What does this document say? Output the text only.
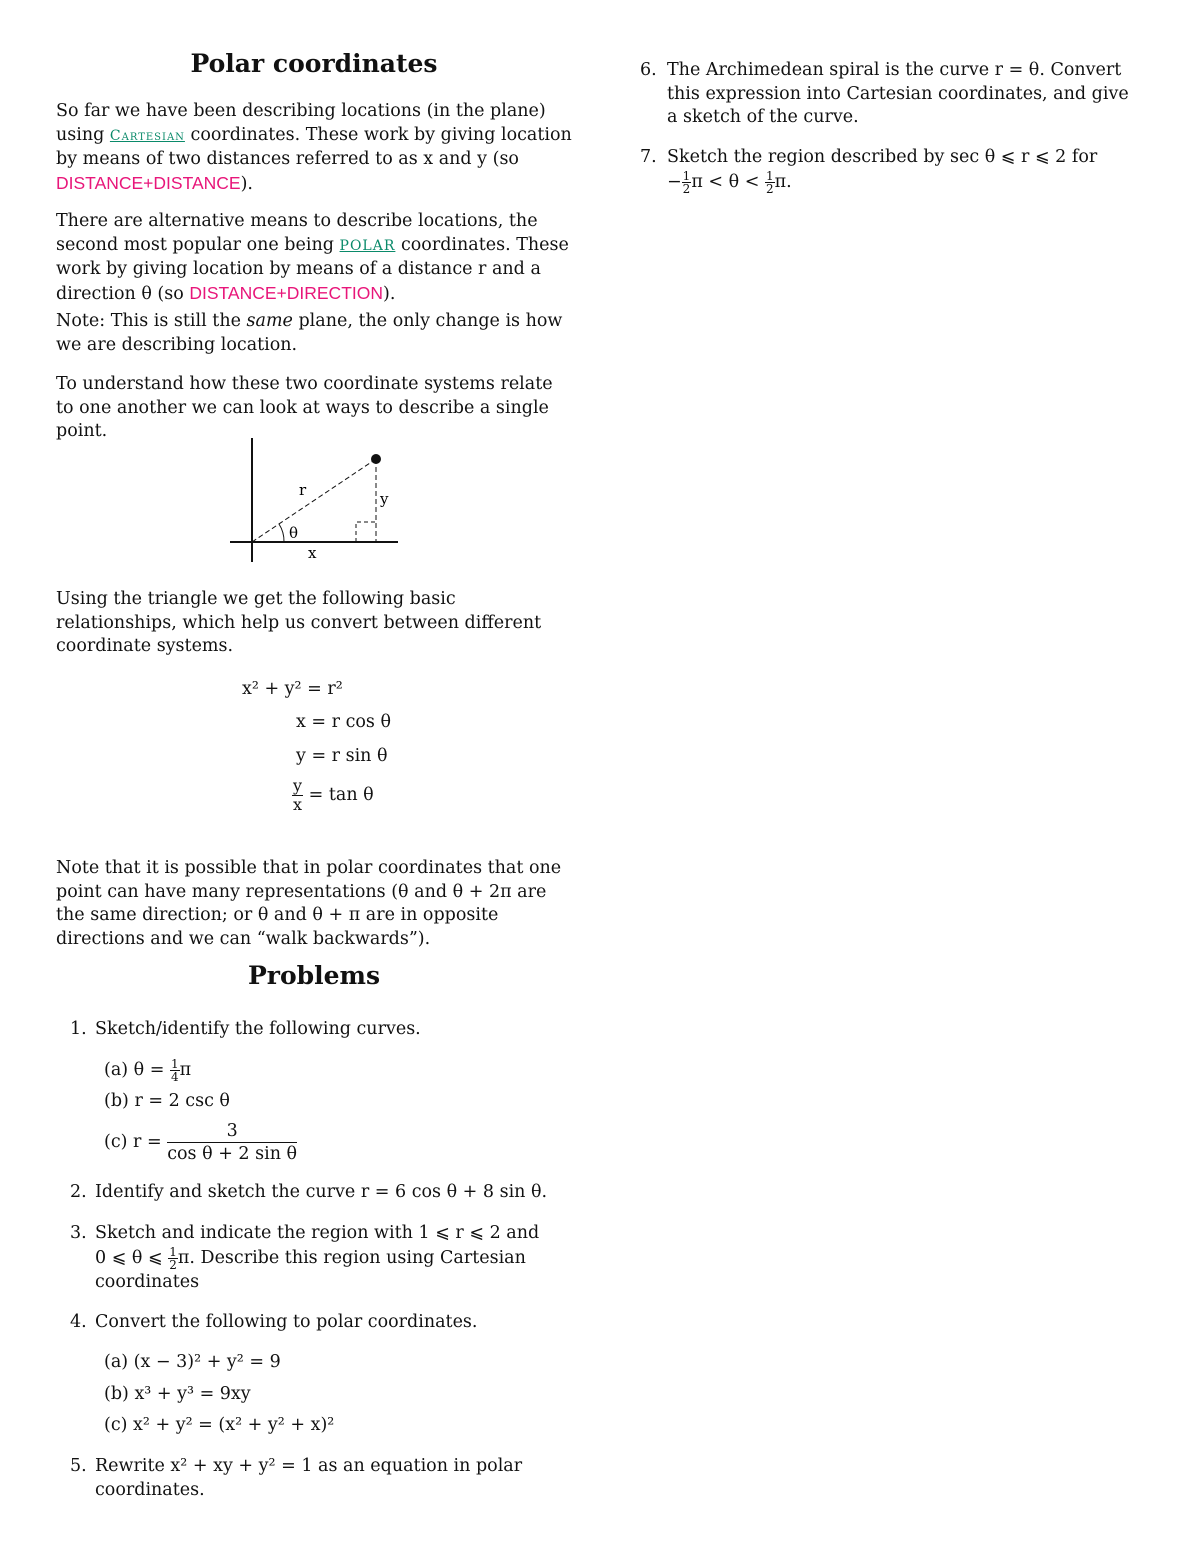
Polar coordinates

So far we have been describing locations (in the plane) using Cartesian coordinates. These work by giving location by means of two distances referred to as x and y (so DISTANCE+DISTANCE).

There are alternative means to describe locations, the second most popular one being POLAR coordinates. These work by giving location by means of a distance r and a direction θ (so DISTANCE+DIRECTION).

Note: This is still the same plane, the only change is how we are describing location.

To understand how these two coordinate systems relate to one another we can look at ways to describe a single point.

r	y
θ
x

Using the triangle we get the following basic relationships, which help us convert between different coordinate systems.

x² + y² = r²
x = r cos θ
y = r sin θ
$\frac{y}{x} = \tan \theta$

Note that it is possible that in polar coordinates that one point can have many representations (θ and θ + 2π are the same direction; or θ and θ + π are in opposite directions and we can “walk backwards”).

Problems
1. Sketch/identify the following curves.
(a) $\theta = \frac{1}{4}$ π
(b) r = 2 csc θ
(c) $r = \frac{3}{\text{cos θ + 2 sin θ}}$
2. Identify and sketch the curve r = 6 cos θ + 8 sin θ.
3. Sketch and indicate the region with 1 ⩽ r ⩽ 2 and
0 ⩽ θ ⩽ $\frac{1}{2} \pi$. Describe this region using Cartesian
coordinates
4. Convert the following to polar coordinates.
(a) (x − 3)² + y² = 9
(b) x³ + y³ = 9xy
(c) x² + y² = (x² + y² + x)²
5. Rewrite x² + xy + y² = 1 as an equation in polar coordinates.
6. The Archimedean spiral is the curve r = θ. Convert this expression into Cartesian coordinates, and give a sketch of the curve.
7. Sketch the region described by sec θ ⩽ r ⩽ 2 for
− $\frac{1}{2}$ $\pi < \theta < \frac{1}{2} \pi$.
